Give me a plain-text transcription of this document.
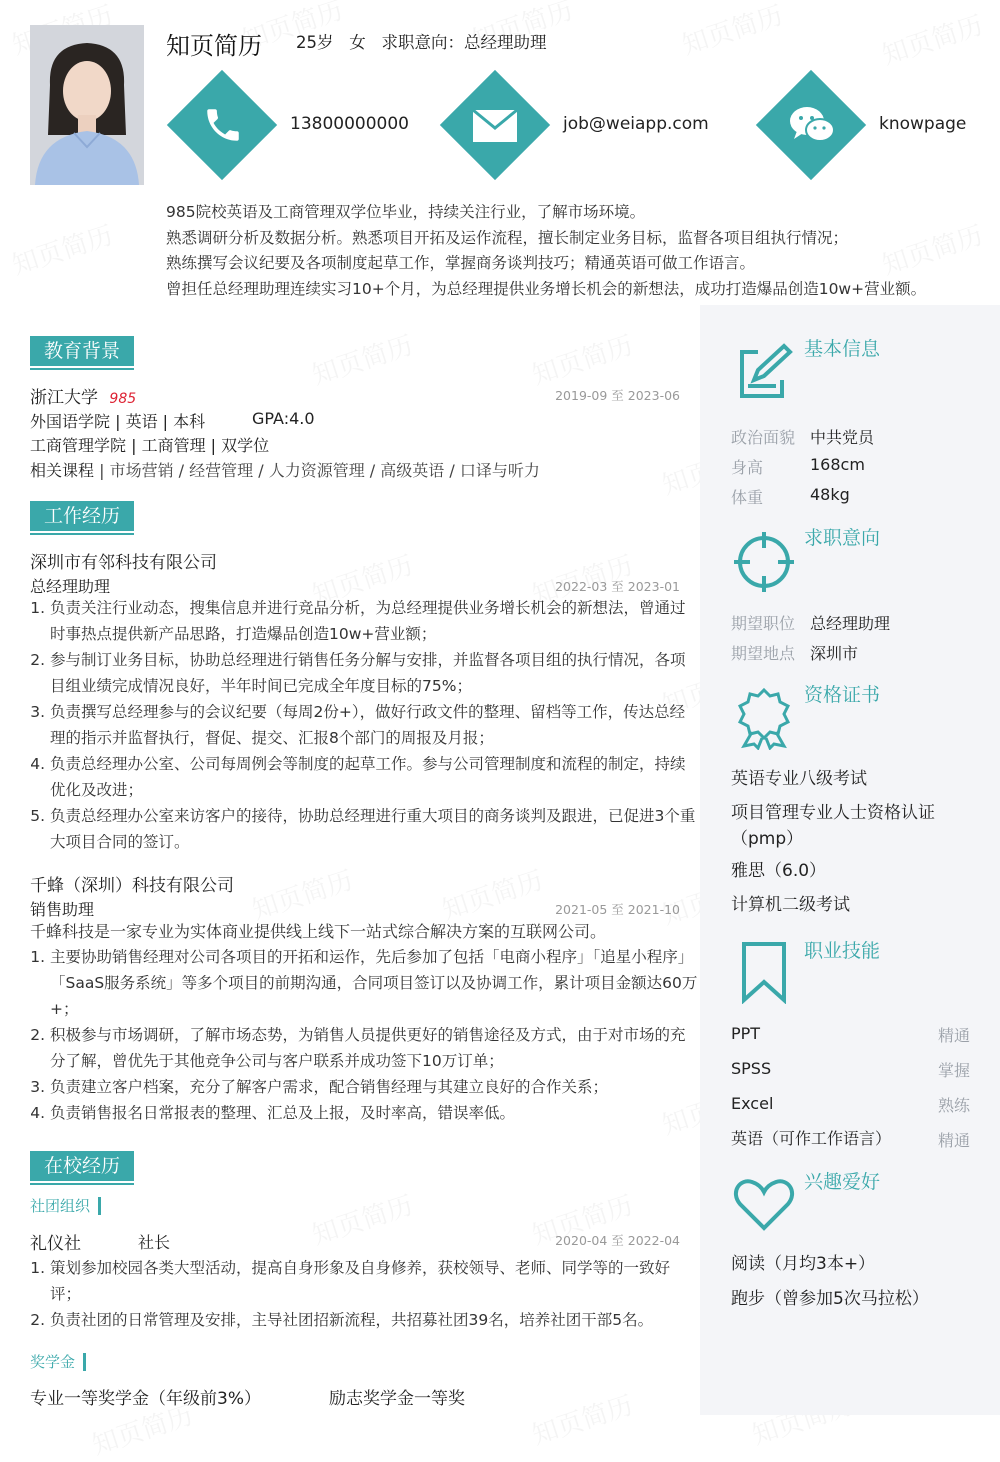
知页简历 25岁   女   求职意向：总经理助理
13800000000	job@weiapp.com	knowpage
985院校英语及工商管理双学位毕业，持续关注行业，了解市场环境。
熟悉调研分析及数据分析。熟悉项目开拓及运作流程，擅长制定业务目标，监督各项目组执行情况；
熟练撰写会议纪要及各项制度起草工作，掌握商务谈判技巧；精通英语可做工作语言。
曾担任总经理助理连续实习10+个月，为总经理提供业务增长机会的新想法，成功打造爆品创造10w+营业额。
教育背景
浙江大学 985	2019-09 至 2023-06
外国语学院 | 英语 | 本科	GPA:4.0
工商管理学院 | 工商管理 | 双学位
相关课程 | 市场营销 / 经营管理 / 人力资源管理 / 高级英语 / 口译与听力
工作经历
深圳市有邻科技有限公司
总经理助理	2022-03 至 2023-01
1. 负责关注行业动态，搜集信息并进行竞品分析，为总经理提供业务增长机会的新想法，曾通过时事热点提供新产品思路，打造爆品创造10w+营业额；
2. 参与制订业务目标，协助总经理进行销售任务分解与安排，并监督各项目组的执行情况，各项目组业绩完成情况良好，半年时间已完成全年度目标的75%；
3. 负责撰写总经理参与的会议纪要（每周2份+），做好行政文件的整理、留档等工作，传达总经理的指示并监督执行，督促、提交、汇报8个部门的周报及月报；
4. 负责总经理办公室、公司每周例会等制度的起草工作。参与公司管理制度和流程的制定，持续优化及改进；
5. 负责总经理办公室来访客户的接待，协助总经理进行重大项目的商务谈判及跟进，已促进3个重大项目合同的签订。
千蜂（深圳）科技有限公司
销售助理	2021-05 至 2021-10
千蜂科技是一家专业为实体商业提供线上线下一站式综合解决方案的互联网公司。
1. 主要协助销售经理对公司各项目的开拓和运作，先后参加了包括「电商小程序」「追星小程序」「SaaS服务系统」等多个项目的前期沟通，合同项目签订以及协调工作，累计项目金额达60万+；
2. 积极参与市场调研，了解市场态势，为销售人员提供更好的销售途径及方式，由于对市场的充分了解，曾优先于其他竞争公司与客户联系并成功签下10万订单；
3. 负责建立客户档案，充分了解客户需求，配合销售经理与其建立良好的合作关系；
4. 负责销售报名日常报表的整理、汇总及上报，及时率高，错误率低。
在校经历
社团组织
礼仪社	社长	2020-04 至 2022-04
1. 策划参加校园各类大型活动，提高自身形象及自身修养，获校领导、老师、同学等的一致好评；
2. 负责社团的日常管理及安排，主导社团招新流程，共招募社团39名，培养社团干部5名。
奖学金
专业一等奖学金（年级前3%）	励志奖学金一等奖
基本信息
政治面貌 中共党员
身高	168cm
体重	48kg
求职意向
期望职位 总经理助理
期望地点 深圳市
资格证书
英语专业八级考试
项目管理专业人士资格认证（pmp）
雅思（6.0）
计算机二级考试
职业技能
PPT	精通
SPSS	掌握
Excel	熟练
英语（可作工作语言）	精通
兴趣爱好
阅读（月均3本+）
跑步（曾参加5次马拉松）
